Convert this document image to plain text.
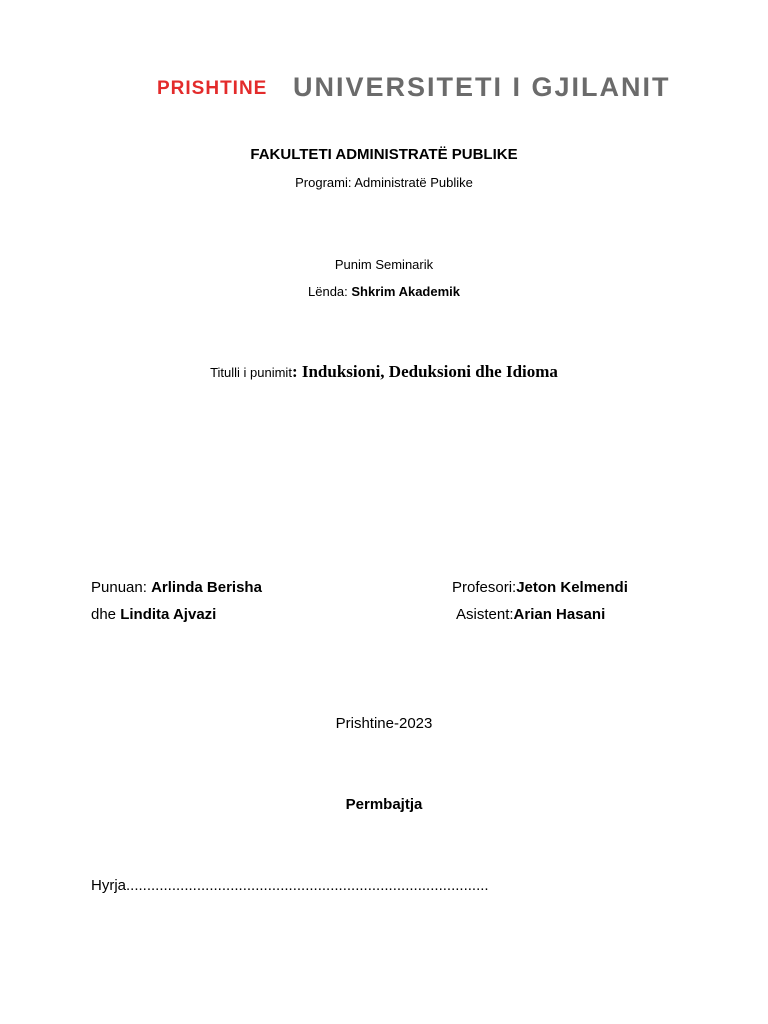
PRISHTINE UNIVERSITETI I GJILANIT
FAKULTETI ADMINISTRATË PUBLIKE
Programi: Administratë Publike
Punim Seminarik
Lënda: Shkrim Akademik
Titulli i punimit: Induksioni, Deduksioni dhe Idioma
Punuan: Arlinda Berisha
dhe Lindita Ajvazi
Profesori:Jeton Kelmendi
Asistent:Arian Hasani
Prishtine-2023
Permbajtja
Hyrja.......................................................................................
